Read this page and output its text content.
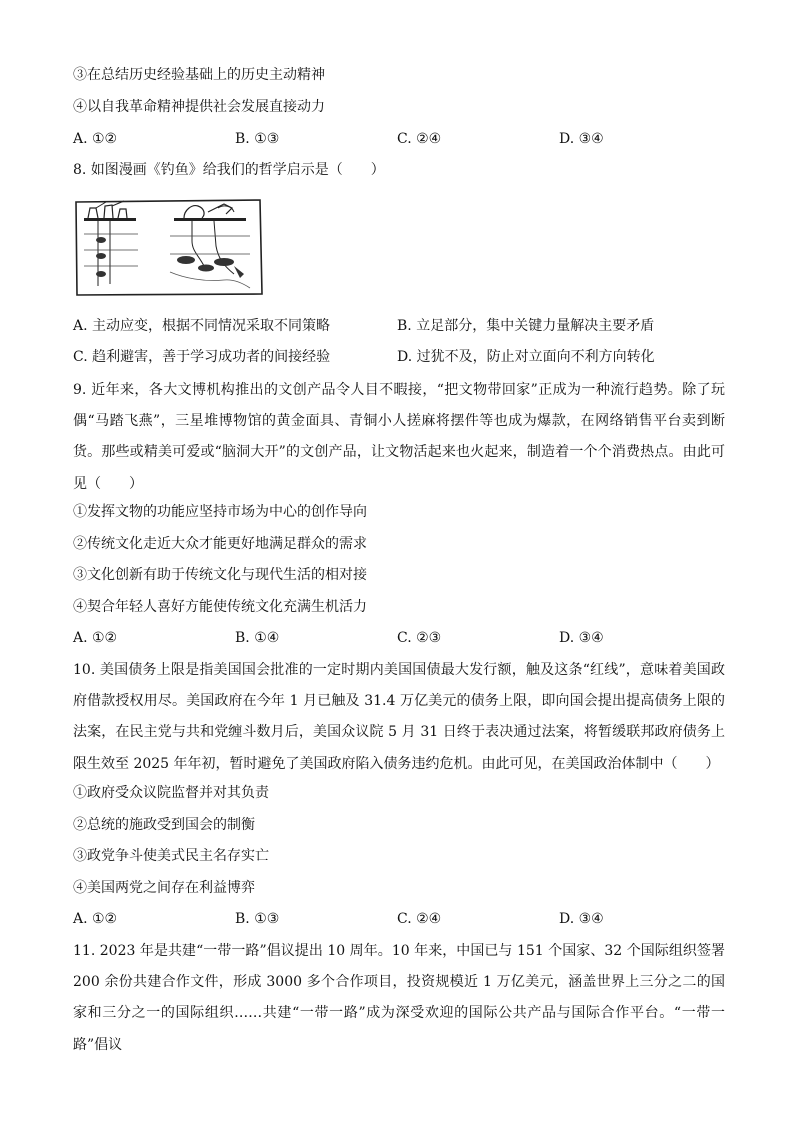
③在总结历史经验基础上的历史主动精神
④以自我革命精神提供社会发展直接动力
A. ①②	B. ①③	C. ②④	D. ③④
8. 如图漫画《钓鱼》给我们的哲学启示是（　　）
A. 主动应变，根据不同情况采取不同策略	B. 立足部分，集中关键力量解决主要矛盾
C. 趋利避害，善于学习成功者的间接经验	D. 过犹不及，防止对立面向不利方向转化
9. 近年来，各大文博机构推出的文创产品令人目不暇接，“把文物带回家”正成为一种流行趋势。除了玩偶“马踏飞燕”，三星堆博物馆的黄金面具、青铜小人搓麻将摆件等也成为爆款，在网络销售平台卖到断货。那些或精美可爱或“脑洞大开”的文创产品，让文物活起来也火起来，制造着一个个消费热点。由此可见（　　）
①发挥文物的功能应坚持市场为中心的创作导向
②传统文化走近大众才能更好地满足群众的需求
③文化创新有助于传统文化与现代生活的相对接
④契合年轻人喜好方能使传统文化充满生机活力
A. ①②	B. ①④	C. ②③	D. ③④
10. 美国债务上限是指美国国会批准的一定时期内美国国债最大发行额，触及这条“红线”，意味着美国政府借款授权用尽。美国政府在今年 1 月已触及 31.4 万亿美元的债务上限，即向国会提出提高债务上限的法案，在民主党与共和党缠斗数月后，美国众议院 5 月 31 日终于表决通过法案，将暂缓联邦政府债务上限生效至 2025 年年初，暂时避免了美国政府陷入债务违约危机。由此可见，在美国政治体制中（　　）
①政府受众议院监督并对其负责
②总统的施政受到国会的制衡
③政党争斗使美式民主名存实亡
④美国两党之间存在利益博弈
A. ①②	B. ①③	C. ②④	D. ③④
11. 2023 年是共建“一带一路”倡议提出 10 周年。10 年来，中国已与 151 个国家、32 个国际组织签署 200 余份共建合作文件，形成 3000 多个合作项目，投资规模近 1 万亿美元，涵盖世界上三分之二的国家和三分之一的国际组织……共建“一带一路”成为深受欢迎的国际公共产品与国际合作平台。“一带一路”倡议
